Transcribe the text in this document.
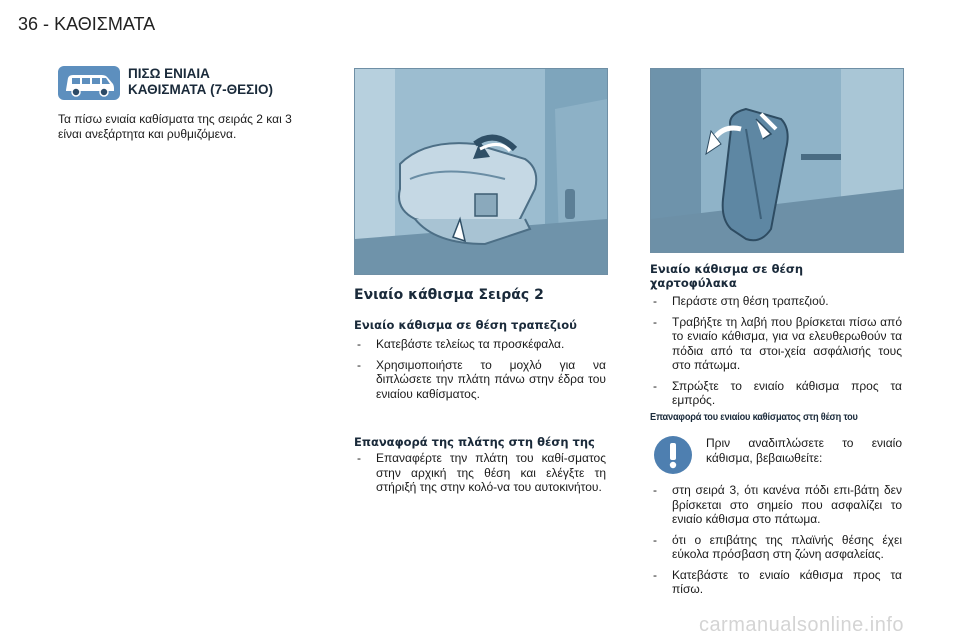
36 - ΚΑΘΙΣΜΑΤΑ
ΠΙΣΩ ΕΝΙΑΙΑ
ΚΑΘΙΣΜΑΤΑ (7-ΘΕΣΙΟ)
Τα πίσω ενιαία καθίσματα της σειράς 2 και 3 είναι ανεξάρτητα και ρυθμιζόμενα.
Ενιαίο κάθισμα Σειράς 2
Ενιαίο κάθισμα σε θέση τραπεζιού
- Κατεβάστε τελείως τα προσκέφαλα.
- Χρησιμοποιήστε το μοχλό για να διπλώσετε την πλάτη πάνω στην έδρα του ενιαίου καθίσματος.
Επαναφορά της πλάτης στη θέση της
- Επαναφέρτε την πλάτη του καθί-σματος στην αρχική της θέση και ελέγξτε τη στήριξή της στην κολό-να του αυτοκινήτου.
Ενιαίο κάθισμα σε θέση χαρτοφύλακα
- Περάστε στη θέση τραπεζιού.
- Τραβήξτε τη λαβή που βρίσκεται πίσω από το ενιαίο κάθισμα, για να ελευθερωθούν τα πόδια από τα στοι-χεία ασφάλισής τους στο πάτωμα.
- Σπρώξτε το ενιαίο κάθισμα προς τα εμπρός.
Επαναφορά του ενιαίου καθίσματος στη θέση του
Πριν αναδιπλώσετε το ενιαίο κάθισμα, βεβαιωθείτε:
- στη σειρά 3, ότι κανένα πόδι επι-βάτη δεν βρίσκεται στο σημείο που ασφαλίζει το ενιαίο κάθισμα στο πάτωμα.
- ότι ο επιβάτης της πλαϊνής θέσης έχει εύκολα πρόσβαση στη ζώνη ασφαλείας.
- Κατεβάστε το ενιαίο κάθισμα προς τα πίσω.
carmanualsonline.info
